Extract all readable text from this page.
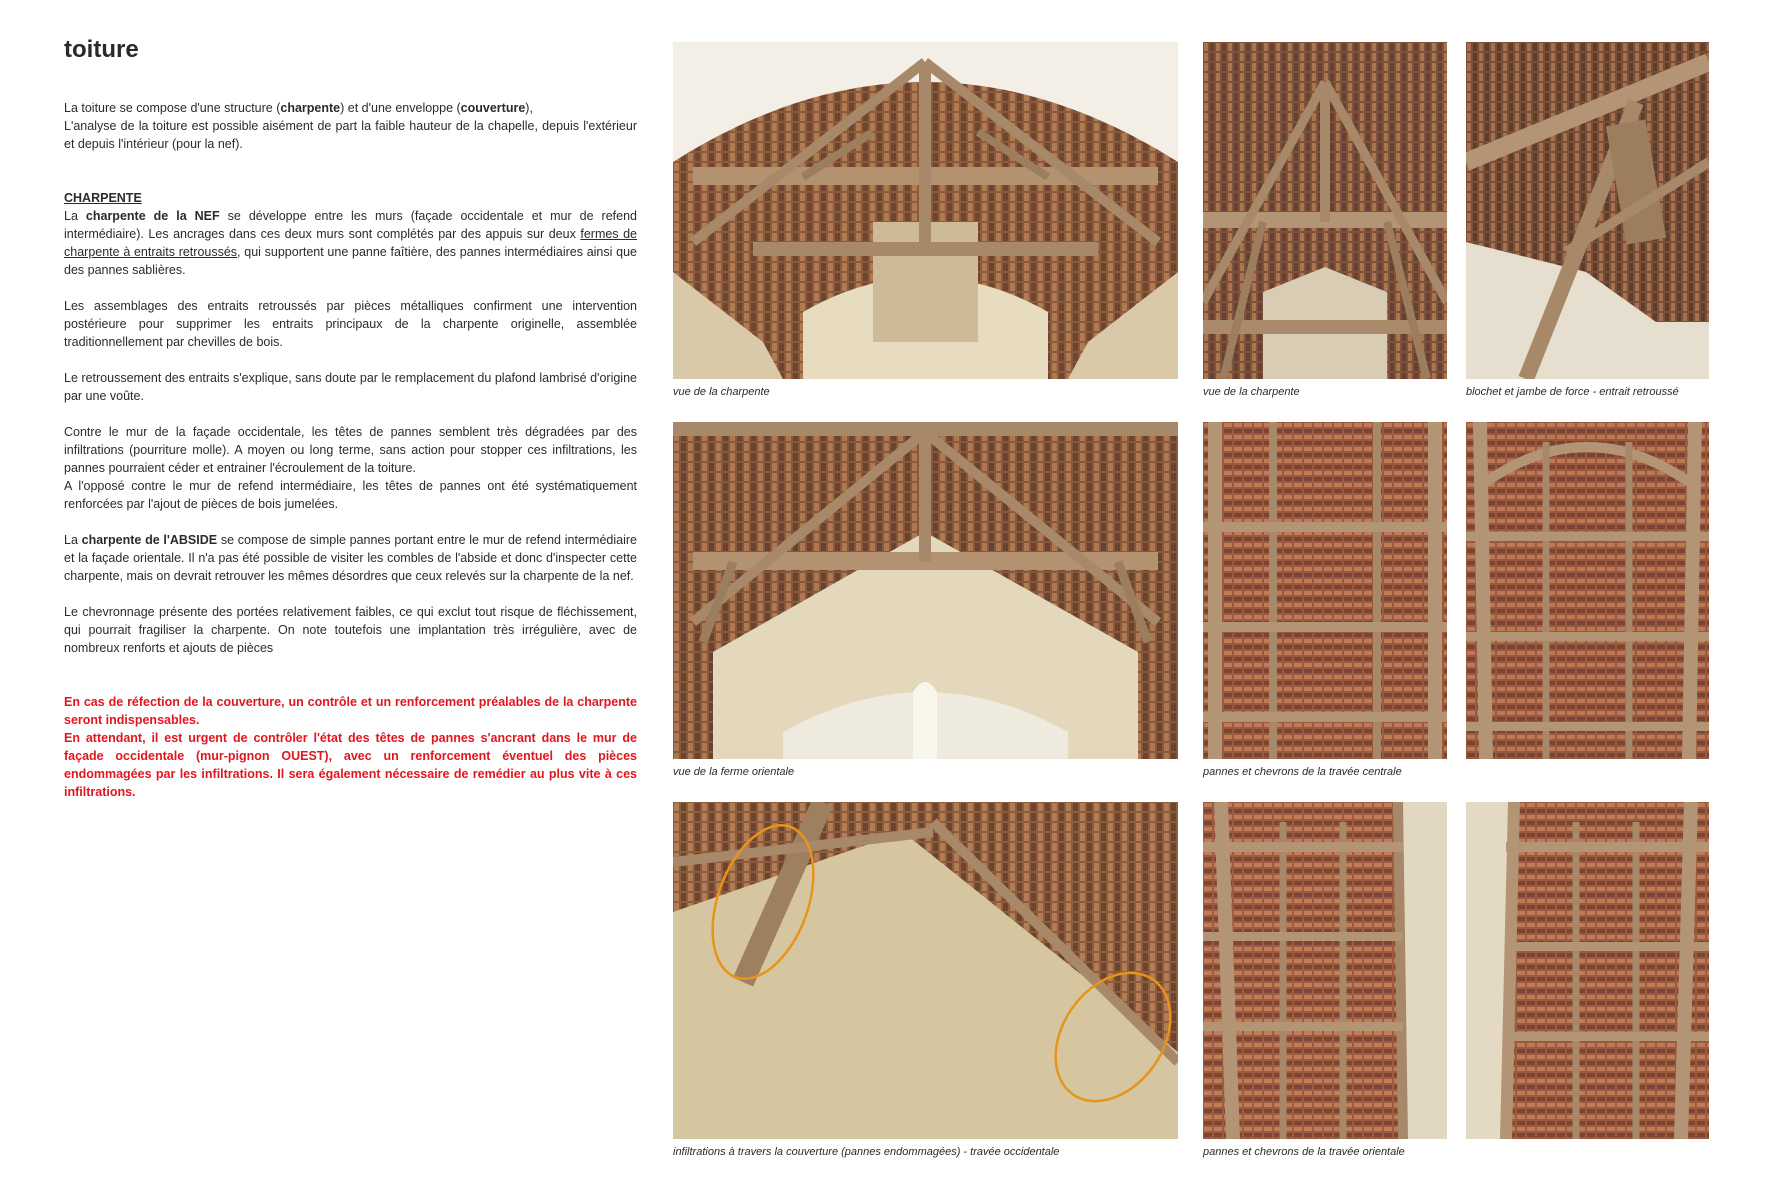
toiture

La toiture se compose d'une structure (charpente) et d'une enveloppe (couverture),
L'analyse de la toiture est possible aisément de part la faible hauteur de la chapelle, depuis l'extérieur et depuis l'intérieur (pour la nef).

CHARPENTE

La charpente de la NEF se développe entre les murs (façade occidentale et mur de refend intermédiaire). Les ancrages dans ces deux murs sont complétés par des appuis sur deux fermes de charpente à entraits retroussés, qui supportent une panne faîtière, des pannes intermédiaires ainsi que des pannes sablières.

Les assemblages des entraits retroussés par pièces métalliques confirment une intervention postérieure pour supprimer les entraits principaux de la charpente originelle, assemblée traditionnellement par chevilles de bois.

Le retroussement des entraits s'explique, sans doute par le remplacement du plafond lambrisé d'origine par une voûte.

Contre le mur de la façade occidentale, les têtes de pannes semblent très dégradées par des infiltrations (pourriture molle). A moyen ou long terme, sans action pour stopper ces infiltrations, les pannes pourraient céder et entrainer l'écroulement de la toiture.
A l'opposé contre le mur de refend intermédiaire, les têtes de pannes ont été systématiquement renforcées par l'ajout de pièces de bois jumelées.

La charpente de l'ABSIDE se compose de simple pannes portant entre le mur de refend intermédiaire et la façade orientale. Il n'a pas été possible de visiter les combles de l'abside et donc d'inspecter cette charpente, mais on devrait retrouver les mêmes désordres que ceux relevés sur la charpente de la nef.

Le chevronnage présente des portées relativement faibles, ce qui exclut tout risque de fléchissement, qui pourrait fragiliser la charpente. On note toutefois une implantation très irrégulière, avec de nombreux renforts et ajouts de pièces

En cas de réfection de la couverture, un contrôle et un renforcement préalables de la charpente seront indispensables.
En attendant, il est urgent de contrôler l'état des têtes de pannes s'ancrant dans le mur de façade occidentale (mur-pignon OUEST), avec un renforcement éventuel des pièces endommagées par les infiltrations. Il sera également nécessaire de remédier au plus vite à ces infiltrations.

vue de la charpente	vue de la charpente	blochet et jambe de force - entrait retroussé
vue de la ferme orientale	pannes et chevrons de la travée centrale
infiltrations à travers la couverture (pannes endommagées) - travée occidentale	pannes et chevrons de la travée orientale
